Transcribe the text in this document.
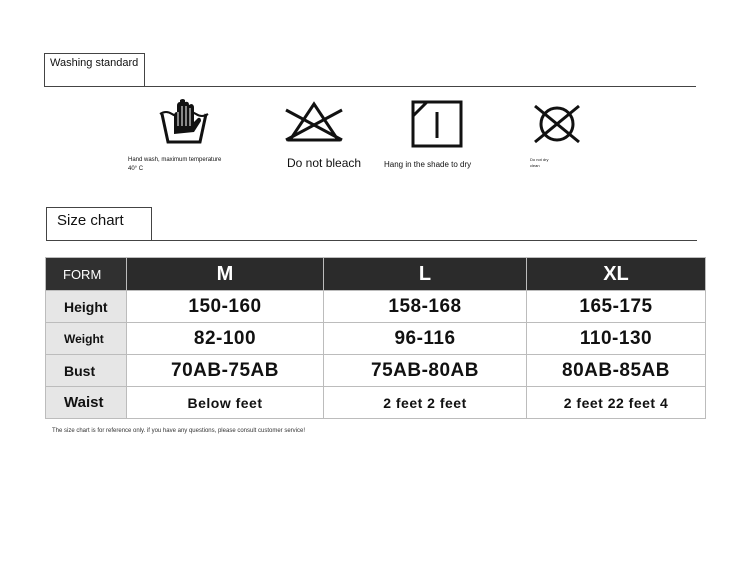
Washing standard
Hand wash, maximum temperature
40° C	Do not bleach	Hang in the shade to dry
Do not dry
clean
Size chart
FORM	M	L	XL
Height	150-160	158-168	165-175
Weight	82-100	96-116	110-130
Bust	70AB-75AB	75AB-80AB	80AB-85AB
Waist	Below feet	2 feet 2 feet	2 feet 22 feet 4
The size chart is for reference only. if you have any questions, please consult customer service!
